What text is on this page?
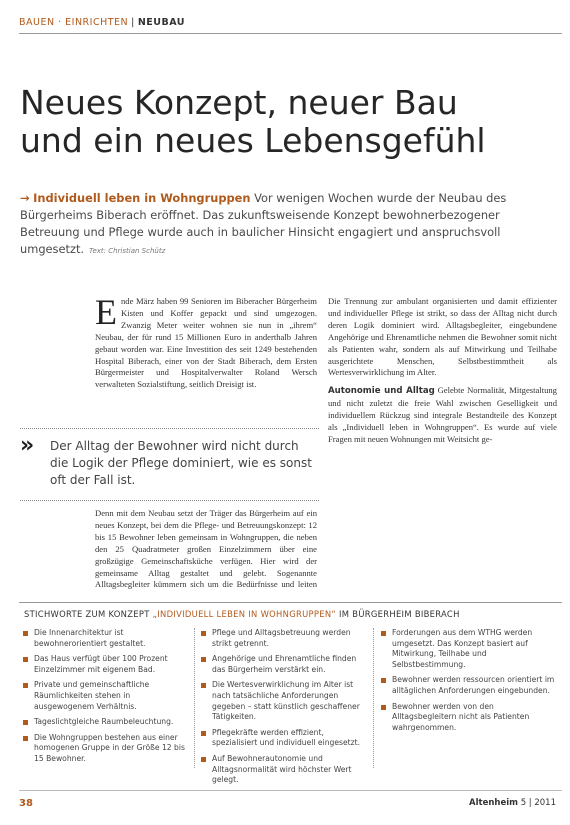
BAUEN · EINRICHTEN | NEUBAU
Neues Konzept, neuer Bau
und ein neues Lebensgefühl
→ Individuell leben in Wohngruppen Vor wenigen Wochen wurde der Neubau des Bürgerheims Biberach eröffnet. Das zukunftsweisende Konzept bewohnerbezogener Betreuung und Pflege wurde auch in baulicher Hinsicht engagiert und anspruchsvoll umgesetzt. Text: Christian Schütz

Ende März haben 99 Senioren im Biberacher Bürgerheim Kisten und Koffer gepackt und sind umgezogen. Zwanzig Meter weiter wohnen sie nun in „ihrem“ Neubau, der für rund 15 Millionen Euro in anderthalb Jahren gebaut worden war. Eine Investition des seit 1249 bestehenden Hospital Biberach, einer von der Stadt Biberach, dem Ersten Bürgermeister und Hospitalverwalter Roland Wersch verwalteten Sozialstiftung, seitlich Dreisigt ist.

» Der Alltag der Bewohner wird nicht durch die Logik der Pflege dominiert, wie es sonst oft der Fall ist.

Denn mit dem Neubau setzt der Träger das Bürgerheim auf ein neues Konzept, bei dem die Pflege- und Betreuungskonzept: 12 bis 15 Bewohner leben gemeinsam in Wohngruppen, die neben den 25 Quadratmeter großen Einzelzimmern über eine großzügige Gemeinschaftsküche verfügen. Hier wird der gemeinsame Alltag gestaltet und gelebt. Sogenannte Alltagsbegleiter kümmern sich um die Bedürfnisse und leiten

Die Trennung zur ambulant organisierten und damit effizienter und individueller Pflege ist strikt, so dass der Alltag nicht durch deren Logik dominiert wird. Alltagsbegleiter, eingebundene Angehörige und Ehrenamtliche nehmen die Bewohner somit nicht als Patienten wahr, sondern als auf Mitwirkung und Teilhabe ausgerichtete Menschen, Selbstbestimmtheit als Wertesverwirklichung im Alter.

Autonomie und Alltag Gelebte Normalität, Mitgestaltung und nicht zuletzt die freie Wahl zwischen Geselligkeit und individuellem Rückzug sind integrale Bestandteile des Konzept als „Individuell leben in Wohngruppen“. Es wurde auf viele Fragen mit neuen Wohnungen mit Weitsicht ge-

STICHWORTE ZUM KONZEPT „INDIVIDUELL LEBEN IN WOHNGRUPPEN“ IM BÜRGERHEIM BIBERACH
Die Innenarchitektur ist bewohnerorientiert gestaltet.
Das Haus verfügt über 100 Prozent Einzelzimmer mit eigenem Bad.
Private und gemeinschaftliche Räumlichkeiten stehen in ausgewogenem Verhältnis.
Tageslichtgleiche Raumbeleuchtung.
Die Wohngruppen bestehen aus einer homogenen Gruppe in der Größe 12 bis 15 Bewohner.
Pflege und Alltagsbetreuung werden strikt getrennt.
Angehörige und Ehrenamtliche finden das Bürgerheim verstärkt ein.
Die Wertesverwirklichung im Alter ist nach tatsächliche Anforderungen gegeben – statt künstlich geschaffener Tätigkeiten.
Pflegekräfte werden effizient, spezialisiert und individuell eingesetzt.
Auf Bewohnerautonomie und Alltagsnormalität wird höchster Wert gelegt.
Forderungen aus dem WTHG werden umgesetzt. Das Konzept basiert auf Mitwirkung, Teilhabe und Selbstbestimmung.
Bewohner werden ressourcen orientiert im alltäglichen Anforderungen eingebunden.
Bewohner werden von den Alltagsbegleitern nicht als Patienten wahrgenommen.
38	Altenheim 5 | 2011
